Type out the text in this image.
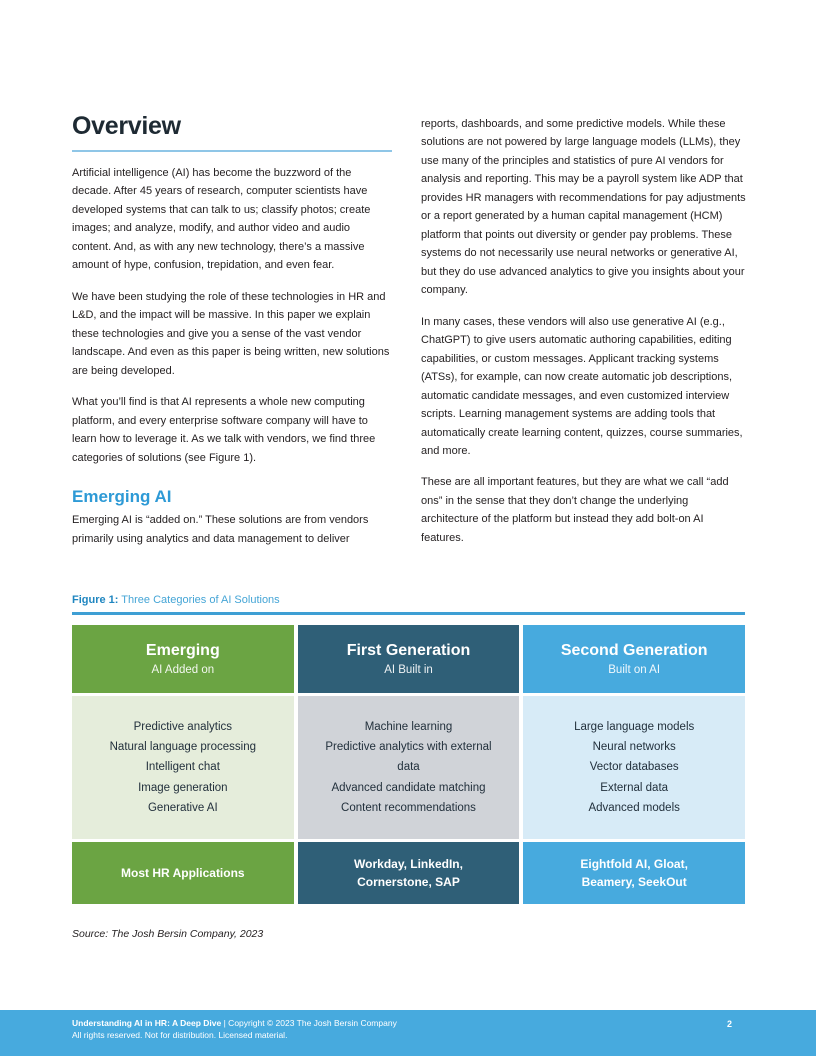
Overview

Artificial intelligence (AI) has become the buzzword of the decade. After 45 years of research, computer scientists have developed systems that can talk to us; classify photos; create images; and analyze, modify, and author video and audio content. And, as with any new technology, there’s a massive amount of hype, confusion, trepidation, and even fear.

We have been studying the role of these technologies in HR and L&D, and the impact will be massive. In this paper we explain these technologies and give you a sense of the vast vendor landscape. And even as this paper is being written, new solutions are being developed.

What you’ll find is that AI represents a whole new computing platform, and every enterprise software company will have to learn how to leverage it. As we talk with vendors, we find three categories of solutions (see Figure 1).

Emerging AI

Emerging AI is “added on.” These solutions are from vendors primarily using analytics and data management to deliver

reports, dashboards, and some predictive models. While these solutions are not powered by large language models (LLMs), they use many of the principles and statistics of pure AI vendors for analysis and reporting. This may be a payroll system like ADP that provides HR managers with recommendations for pay adjustments or a report generated by a human capital management (HCM) platform that points out diversity or gender pay problems. These systems do not necessarily use neural networks or generative AI, but they do use advanced analytics to give you insights about your company.

In many cases, these vendors will also use generative AI (e.g., ChatGPT) to give users automatic authoring capabilities, editing capabilities, or custom messages. Applicant tracking systems (ATSs), for example, can now create automatic job descriptions, automatic candidate messages, and even customized interview scripts. Learning management systems are adding tools that automatically create learning content, quizzes, course summaries, and more.

These are all important features, but they are what we call “add ons” in the sense that they don’t change the underlying architecture of the platform but instead they add bolt-on AI features.

Figure 1: Three Categories of AI Solutions
Emerging
AI Added on
First Generation
AI Built in
Second Generation
Built on AI
Predictive analytics
Natural language processing
Intelligent chat
Image generation
Generative AI
Machine learning
Predictive analytics with external data
Advanced candidate matching
Content recommendations
Large language models
Neural networks
Vector databases
External data
Advanced models
Most HR Applications
Workday, LinkedIn,
Cornerstone, SAP
Eightfold AI, Gloat,
Beamery, SeekOut
Source: The Josh Bersin Company, 2023
Understanding AI in HR: A Deep Dive | Copyright © 2023 The Josh Bersin Company
All rights reserved. Not for distribution. Licensed material.
2
